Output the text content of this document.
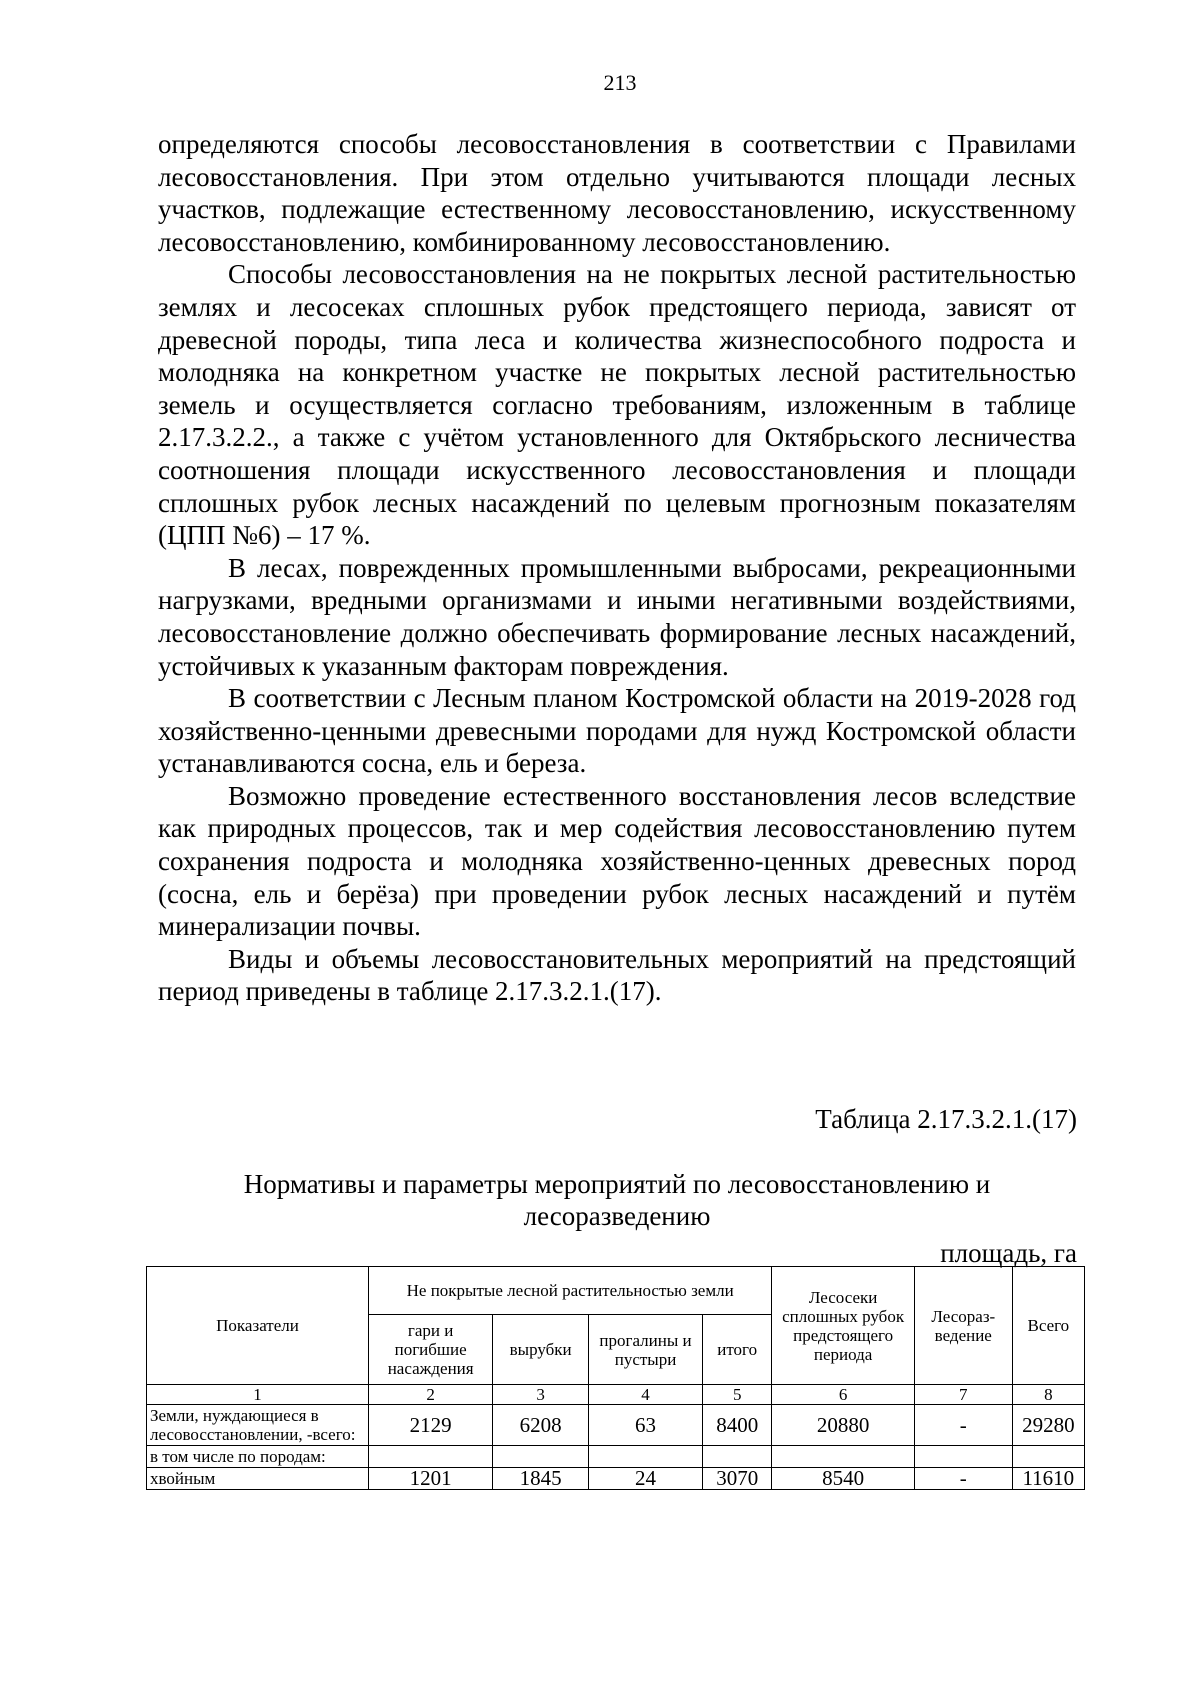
213

определяются способы лесовосстановления в соответствии с Правилами лесовосстановления. При этом отдельно учитываются площади лесных участков, подлежащие естественному лесовосстановлению, искусственному лесовосстановлению, комбинированному лесовосстановлению.

Способы лесовосстановления на не покрытых лесной растительностью землях и лесосеках сплошных рубок предстоящего периода, зависят от древесной породы, типа леса и количества жизнеспособного подроста и молодняка на конкретном участке не покрытых лесной растительностью земель и осуществляется согласно требованиям, изложенным в таблице 2.17.3.2.2., а также с учётом установленного для Октябрьского лесничества соотношения площади искусственного лесовосстановления и площади сплошных рубок лесных насаждений по целевым прогнозным показателям (ЦПП №6) – 17 %.

В лесах, поврежденных промышленными выбросами, рекреационными нагрузками, вредными организмами и иными негативными воздействиями, лесовосстановление должно обеспечивать формирование лесных насаждений, устойчивых к указанным факторам повреждения.

В соответствии с Лесным планом Костромской области на 2019-2028 год хозяйственно-ценными древесными породами для нужд Костромской области устанавливаются сосна, ель и береза.

Возможно проведение естественного восстановления лесов вследствие как природных процессов, так и мер содействия лесовосстановлению путем сохранения подроста и молодняка хозяйственно-ценных древесных пород (сосна, ель и берёза) при проведении рубок лесных насаждений и путём минерализации почвы.

Виды и объемы лесовосстановительных мероприятий на предстоящий период приведены в таблице 2.17.3.2.1.(17).

Таблица 2.17.3.2.1.(17)
Нормативы и параметры мероприятий по лесовосстановлению и лесоразведению
площадь, га
Показатели	Не покрытые лесной растительностью земли				Лесосеки сплошных рубок предстоящего периода	Лесораз-ведение	Всего
	гари и погибшие насаждения	вырубки	прогалины и пустыри	итого			
1	2	3	4	5	6	7	8
Земли, нуждающиеся в лесовосстановлении, -всего:	2129	6208	63	8400	20880	-	29280
в том числе по породам:							
хвойным	1201	1845	24	3070	8540	-	11610
